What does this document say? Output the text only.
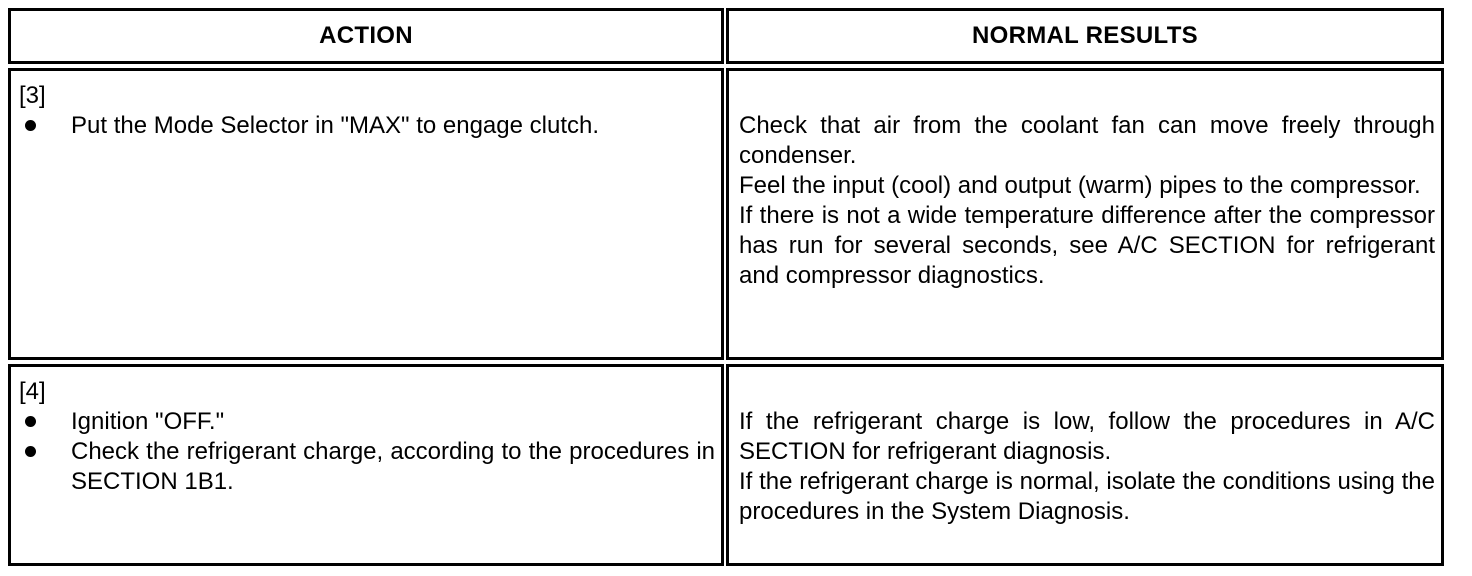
ACTION	NORMAL RESULTS
[3]
Put the Mode Selector in "MAX" to engage clutch.	Check that air from the coolant fan can move freely through condenser.

Feel the input (cool) and output (warm) pipes to the compressor.

If there is not a wide temperature difference after the compressor has run for several seconds, see A/C SECTION for refrigerant and compressor diagnostics.

[4]
Ignition "OFF."
Check the refrigerant charge, according to the procedures in SECTION 1B1.

If the refrigerant charge is low, follow the procedures in A/C SECTION for refrigerant diagnosis.

If the refrigerant charge is normal, isolate the conditions using the procedures in the System Diagnosis.
